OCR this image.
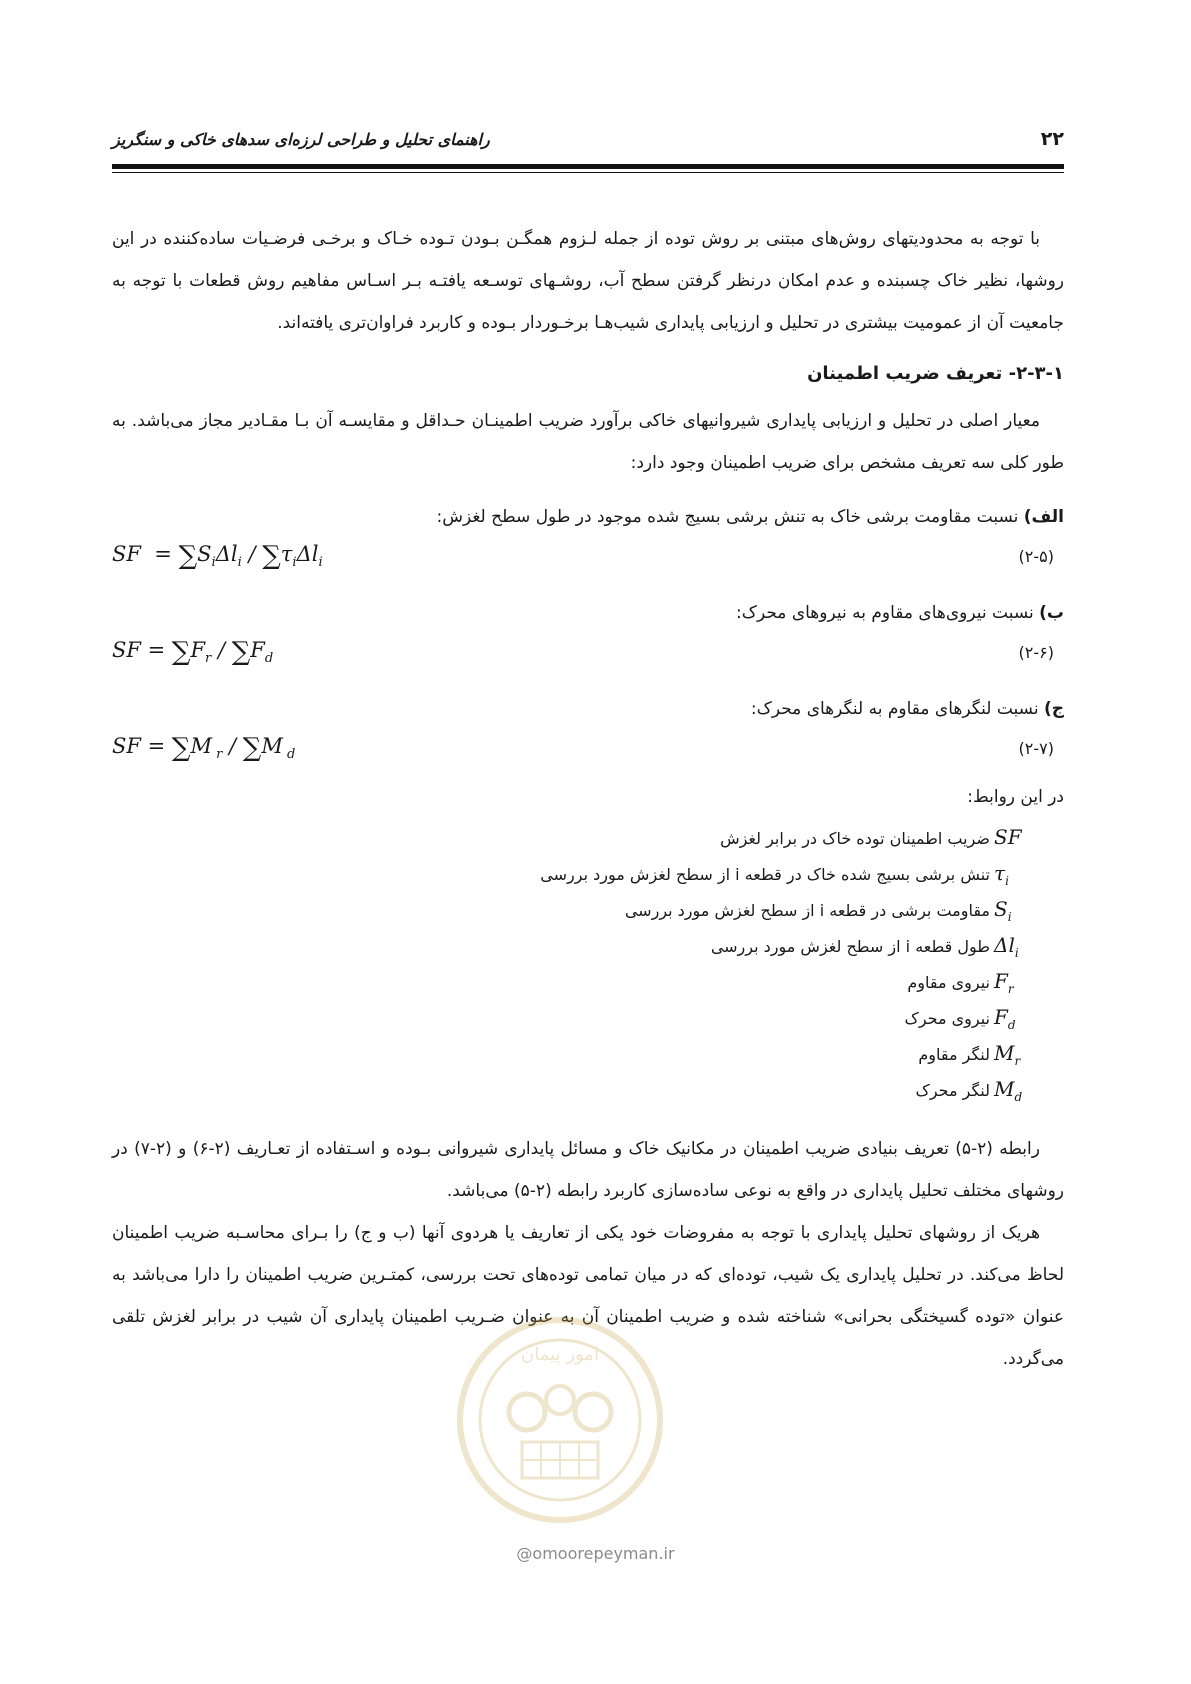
۲۲
راهنمای تحلیل و طراحی لرزه‌ای سدهای خاکی و سنگریز

با توجه به محدودیتهای روش‌های مبتنی بر روش توده از جمله لـزوم همگـن بـودن تـوده خـاک و برخـی فرضـیات ساده‌کننده در این روشها، نظیر خاک چسبنده و عدم امکان درنظر گرفتن سطح آب، روشـهای توسـعه یافتـه بـر اسـاس مفاهیم روش قطعات با توجه به جامعیت آن از عمومیت بیشتری در تحلیل و ارزیابی پایداری شیب‌هـا برخـوردار بـوده و کاربرد فراوان‌تری یافته‌اند.

۲-۳-۱- تعریف ضریب اطمینان

معیار اصلی در تحلیل و ارزیابی پایداری شیروانیهای خاکی برآورد ضریب اطمینـان حـداقل و مقایسـه آن بـا مقـادیر مجاز می‌باشد. به طور کلی سه تعریف مشخص برای ضریب اطمینان وجود دارد:

الف) نسبت مقاومت برشی خاک به تنش برشی بسیج شده موجود در طول سطح لغزش:
(۲-۵)
SF  = $\sum S_i\Delta l_i / \sum\tau_i\Delta l_i$
ب) نسبت نیروی‌های مقاوم به نیروهای محرک:
(۲-۶)
SF = $\sum F_r / \sum F_d$
ج) نسبت لنگرهای مقاوم به لنگرهای محرک:
(۲-۷)
SF = ∑M $_r$ / ∑M $_d$
در این روابط:
SF
ضریب اطمینان توده خاک در برابر لغزش
$\tau_i$
تنش برشی بسیج شده خاک در قطعه i از سطح لغزش مورد بررسی
$S_i$
مقاومت برشی در قطعه i از سطح لغزش مورد بررسی
$\Delta l_i$
طول قطعه i از سطح لغزش مورد بررسی
$F_r$
نیروی مقاوم
$F_d$
نیروی محرک
$M_r$
لنگر مقاوم
$M_d$
لنگر محرک

رابطه (۲-۵) تعریف بنیادی ضریب اطمینان در مکانیک خاک و مسائل پایداری شیروانی بـوده و اسـتفاده از تعـاریف (۲-۶) و (۲-۷) در روشهای مختلف تحلیل پایداری در واقع به نوعی ساده‌سازی کاربرد رابطه (۲-۵) می‌باشد.

هریک از روشهای تحلیل پایداری با توجه به مفروضات خود یکی از تعاریف یا هردوی آنها (ب و ج) را بـرای محاسـبه ضریب اطمینان لحاظ می‌کند. در تحلیل پایداری یک شیب، توده‌ای که در میان تمامی توده‌های تحت بررسی، کمتـرین ضریب اطمینان را دارا می‌باشد به عنوان «توده گسیختگی بحرانی» شناخته شده و ضریب اطمینان آن به عنوان ضـریب اطمینان پایداری آن شیب در برابر لغزش تلقی می‌گردد.

امور پیمان
@omoorepeyman.ir
